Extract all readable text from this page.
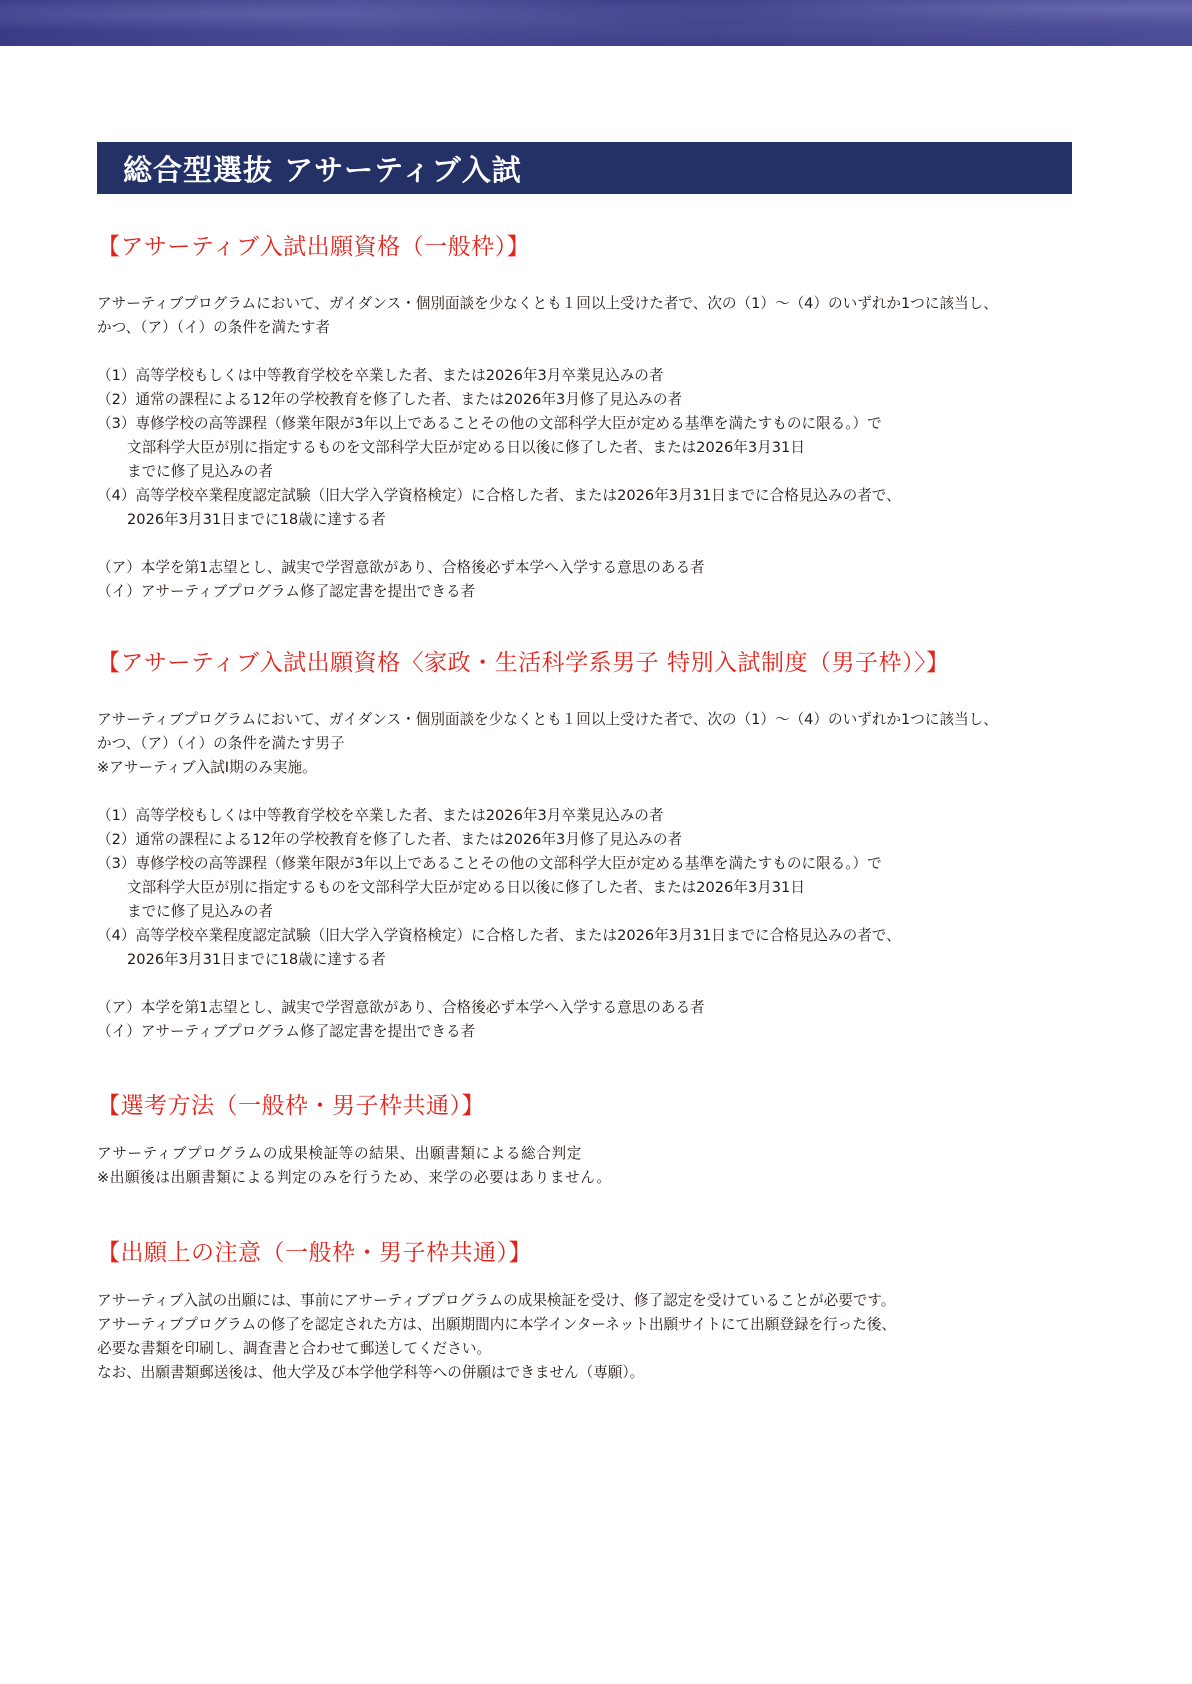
総合型選抜 アサーティブ入試
【アサーティブ入試出願資格（一般枠）】

アサーティブプログラムにおいて、ガイダンス・個別面談を少なくとも１回以上受けた者で、次の（1）〜（4）のいずれか1つに該当し、

かつ、（ア）（イ）の条件を満たす者

（1）高等学校もしくは中等教育学校を卒業した者、または2026年3月卒業見込みの者

（2）通常の課程による12年の学校教育を修了した者、または2026年3月修了見込みの者

（3）専修学校の高等課程（修業年限が3年以上であることその他の文部科学大臣が定める基準を満たすものに限る。）で

文部科学大臣が別に指定するものを文部科学大臣が定める日以後に修了した者、または2026年3月31日

までに修了見込みの者

（4）高等学校卒業程度認定試験（旧大学入学資格検定）に合格した者、または2026年3月31日までに合格見込みの者で、

2026年3月31日までに18歳に達する者

（ア）本学を第1志望とし、誠実で学習意欲があり、合格後必ず本学へ入学する意思のある者

（イ）アサーティブプログラム修了認定書を提出できる者

【アサーティブ入試出願資格〈家政・生活科学系男子 特別入試制度（男子枠）〉】

アサーティブプログラムにおいて、ガイダンス・個別面談を少なくとも１回以上受けた者で、次の（1）〜（4）のいずれか1つに該当し、

かつ、（ア）（イ）の条件を満たす男子

※アサーティブ入試Ⅰ期のみ実施。

（1）高等学校もしくは中等教育学校を卒業した者、または2026年3月卒業見込みの者

（2）通常の課程による12年の学校教育を修了した者、または2026年3月修了見込みの者

（3）専修学校の高等課程（修業年限が3年以上であることその他の文部科学大臣が定める基準を満たすものに限る。）で

文部科学大臣が別に指定するものを文部科学大臣が定める日以後に修了した者、または2026年3月31日

までに修了見込みの者

（4）高等学校卒業程度認定試験（旧大学入学資格検定）に合格した者、または2026年3月31日までに合格見込みの者で、

2026年3月31日までに18歳に達する者

（ア）本学を第1志望とし、誠実で学習意欲があり、合格後必ず本学へ入学する意思のある者

（イ）アサーティブプログラム修了認定書を提出できる者

【選考方法（一般枠・男子枠共通）】

アサーティブプログラムの成果検証等の結果、出願書類による総合判定

※出願後は出願書類による判定のみを行うため、来学の必要はありません。

【出願上の注意（一般枠・男子枠共通）】

アサーティブ入試の出願には、事前にアサーティブプログラムの成果検証を受け、修了認定を受けていることが必要です。

アサーティブプログラムの修了を認定された方は、出願期間内に本学インターネット出願サイトにて出願登録を行った後、

必要な書類を印刷し、調査書と合わせて郵送してください。

なお、出願書類郵送後は、他大学及び本学他学科等への併願はできません（専願）。
